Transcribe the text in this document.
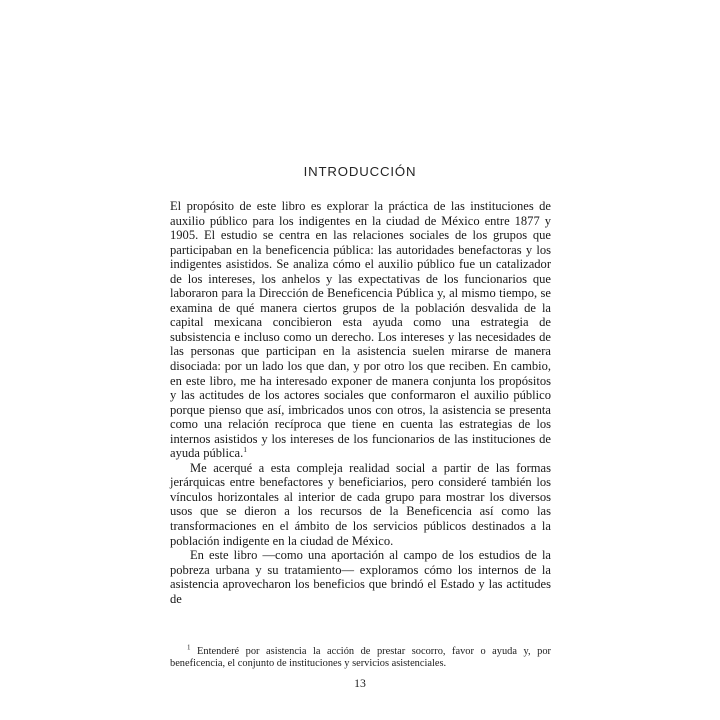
INTRODUCCIÓN

El propósito de este libro es explorar la práctica de las instituciones de auxilio público para los indigentes en la ciudad de México entre 1877 y 1905. El estudio se centra en las relaciones sociales de los grupos que participaban en la beneficencia pública: las autoridades benefactoras y los indigentes asistidos. Se analiza cómo el auxilio público fue un catalizador de los intereses, los anhelos y las expectativas de los funcionarios que laboraron para la Dirección de Beneficencia Pública y, al mismo tiempo, se examina de qué manera ciertos grupos de la población desvalida de la capital mexicana concibieron esta ayuda como una estrategia de subsistencia e incluso como un derecho. Los intereses y las necesidades de las personas que participan en la asistencia suelen mirarse de manera disociada: por un lado los que dan, y por otro los que reciben. En cambio, en este libro, me ha interesado exponer de manera conjunta los propósitos y las actitudes de los actores sociales que conformaron el auxilio público porque pienso que así, imbricados unos con otros, la asistencia se presenta como una relación recíproca que tiene en cuenta las estrategias de los internos asistidos y los intereses de los funcionarios de las instituciones de ayuda pública.$^1$

Me acerqué a esta compleja realidad social a partir de las formas jerárquicas entre benefactores y beneficiarios, pero consideré también los vínculos horizontales al interior de cada grupo para mostrar los diversos usos que se dieron a los recursos de la Beneficencia así como las transformaciones en el ámbito de los servicios públicos destinados a la población indigente en la ciudad de México.

En este libro —como una aportación al campo de los estudios de la pobreza urbana y su tratamiento— exploramos cómo los internos de la asistencia aprovecharon los beneficios que brindó el Estado y las actitudes de

$^1$ Entenderé por asistencia la acción de prestar socorro, favor o ayuda y, por beneficencia, el conjunto de instituciones y servicios asistenciales.

13
